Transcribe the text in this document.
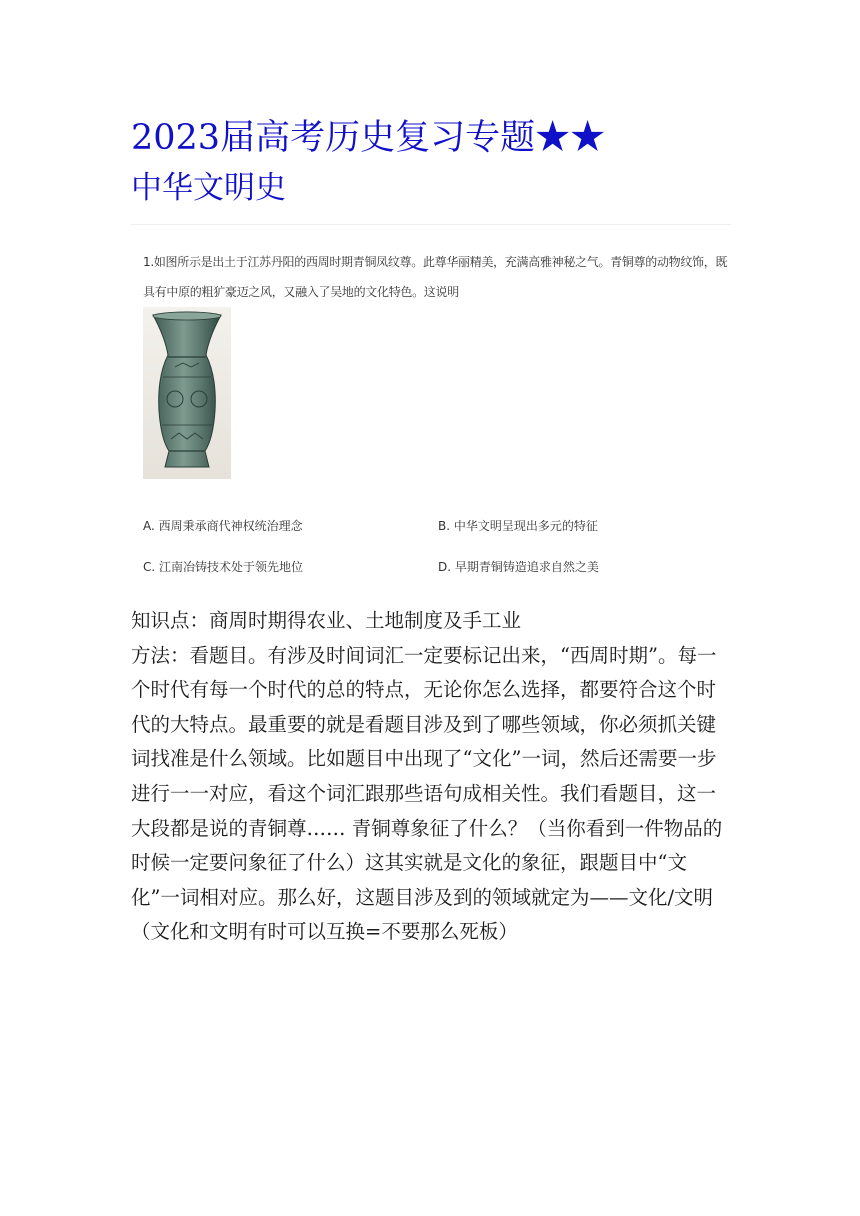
2023届高考历史复习专题★★
中华文明史
1.如图所示是出土于江苏丹阳的西周时期青铜凤纹尊。此尊华丽精美，充满高雅神秘之气。青铜尊的动物纹饰，既具有中原的粗犷豪迈之风，又融入了吴地的文化特色。这说明
A. 西周秉承商代神权统治理念	B. 中华文明呈现出多元的特征
C. 江南冶铸技术处于领先地位	D. 早期青铜铸造追求自然之美

知识点：商周时期得农业、土地制度及手工业

方法：看题目。有涉及时间词汇一定要标记出来，“西周时期”。每一个时代有每一个时代的总的特点，无论你怎么选择，都要符合这个时代的大特点。最重要的就是看题目涉及到了哪些领域，你必须抓关键词找准是什么领域。比如题目中出现了“文化”一词，然后还需要一步进行一一对应，看这个词汇跟那些语句成相关性。我们看题目，这一大段都是说的青铜尊…… 青铜尊象征了什么？（当你看到一件物品的时候一定要问象征了什么）这其实就是文化的象征，跟题目中“文化”一词相对应。那么好，这题目涉及到的领域就定为——文化/文明（文化和文明有时可以互换=不要那么死板）
